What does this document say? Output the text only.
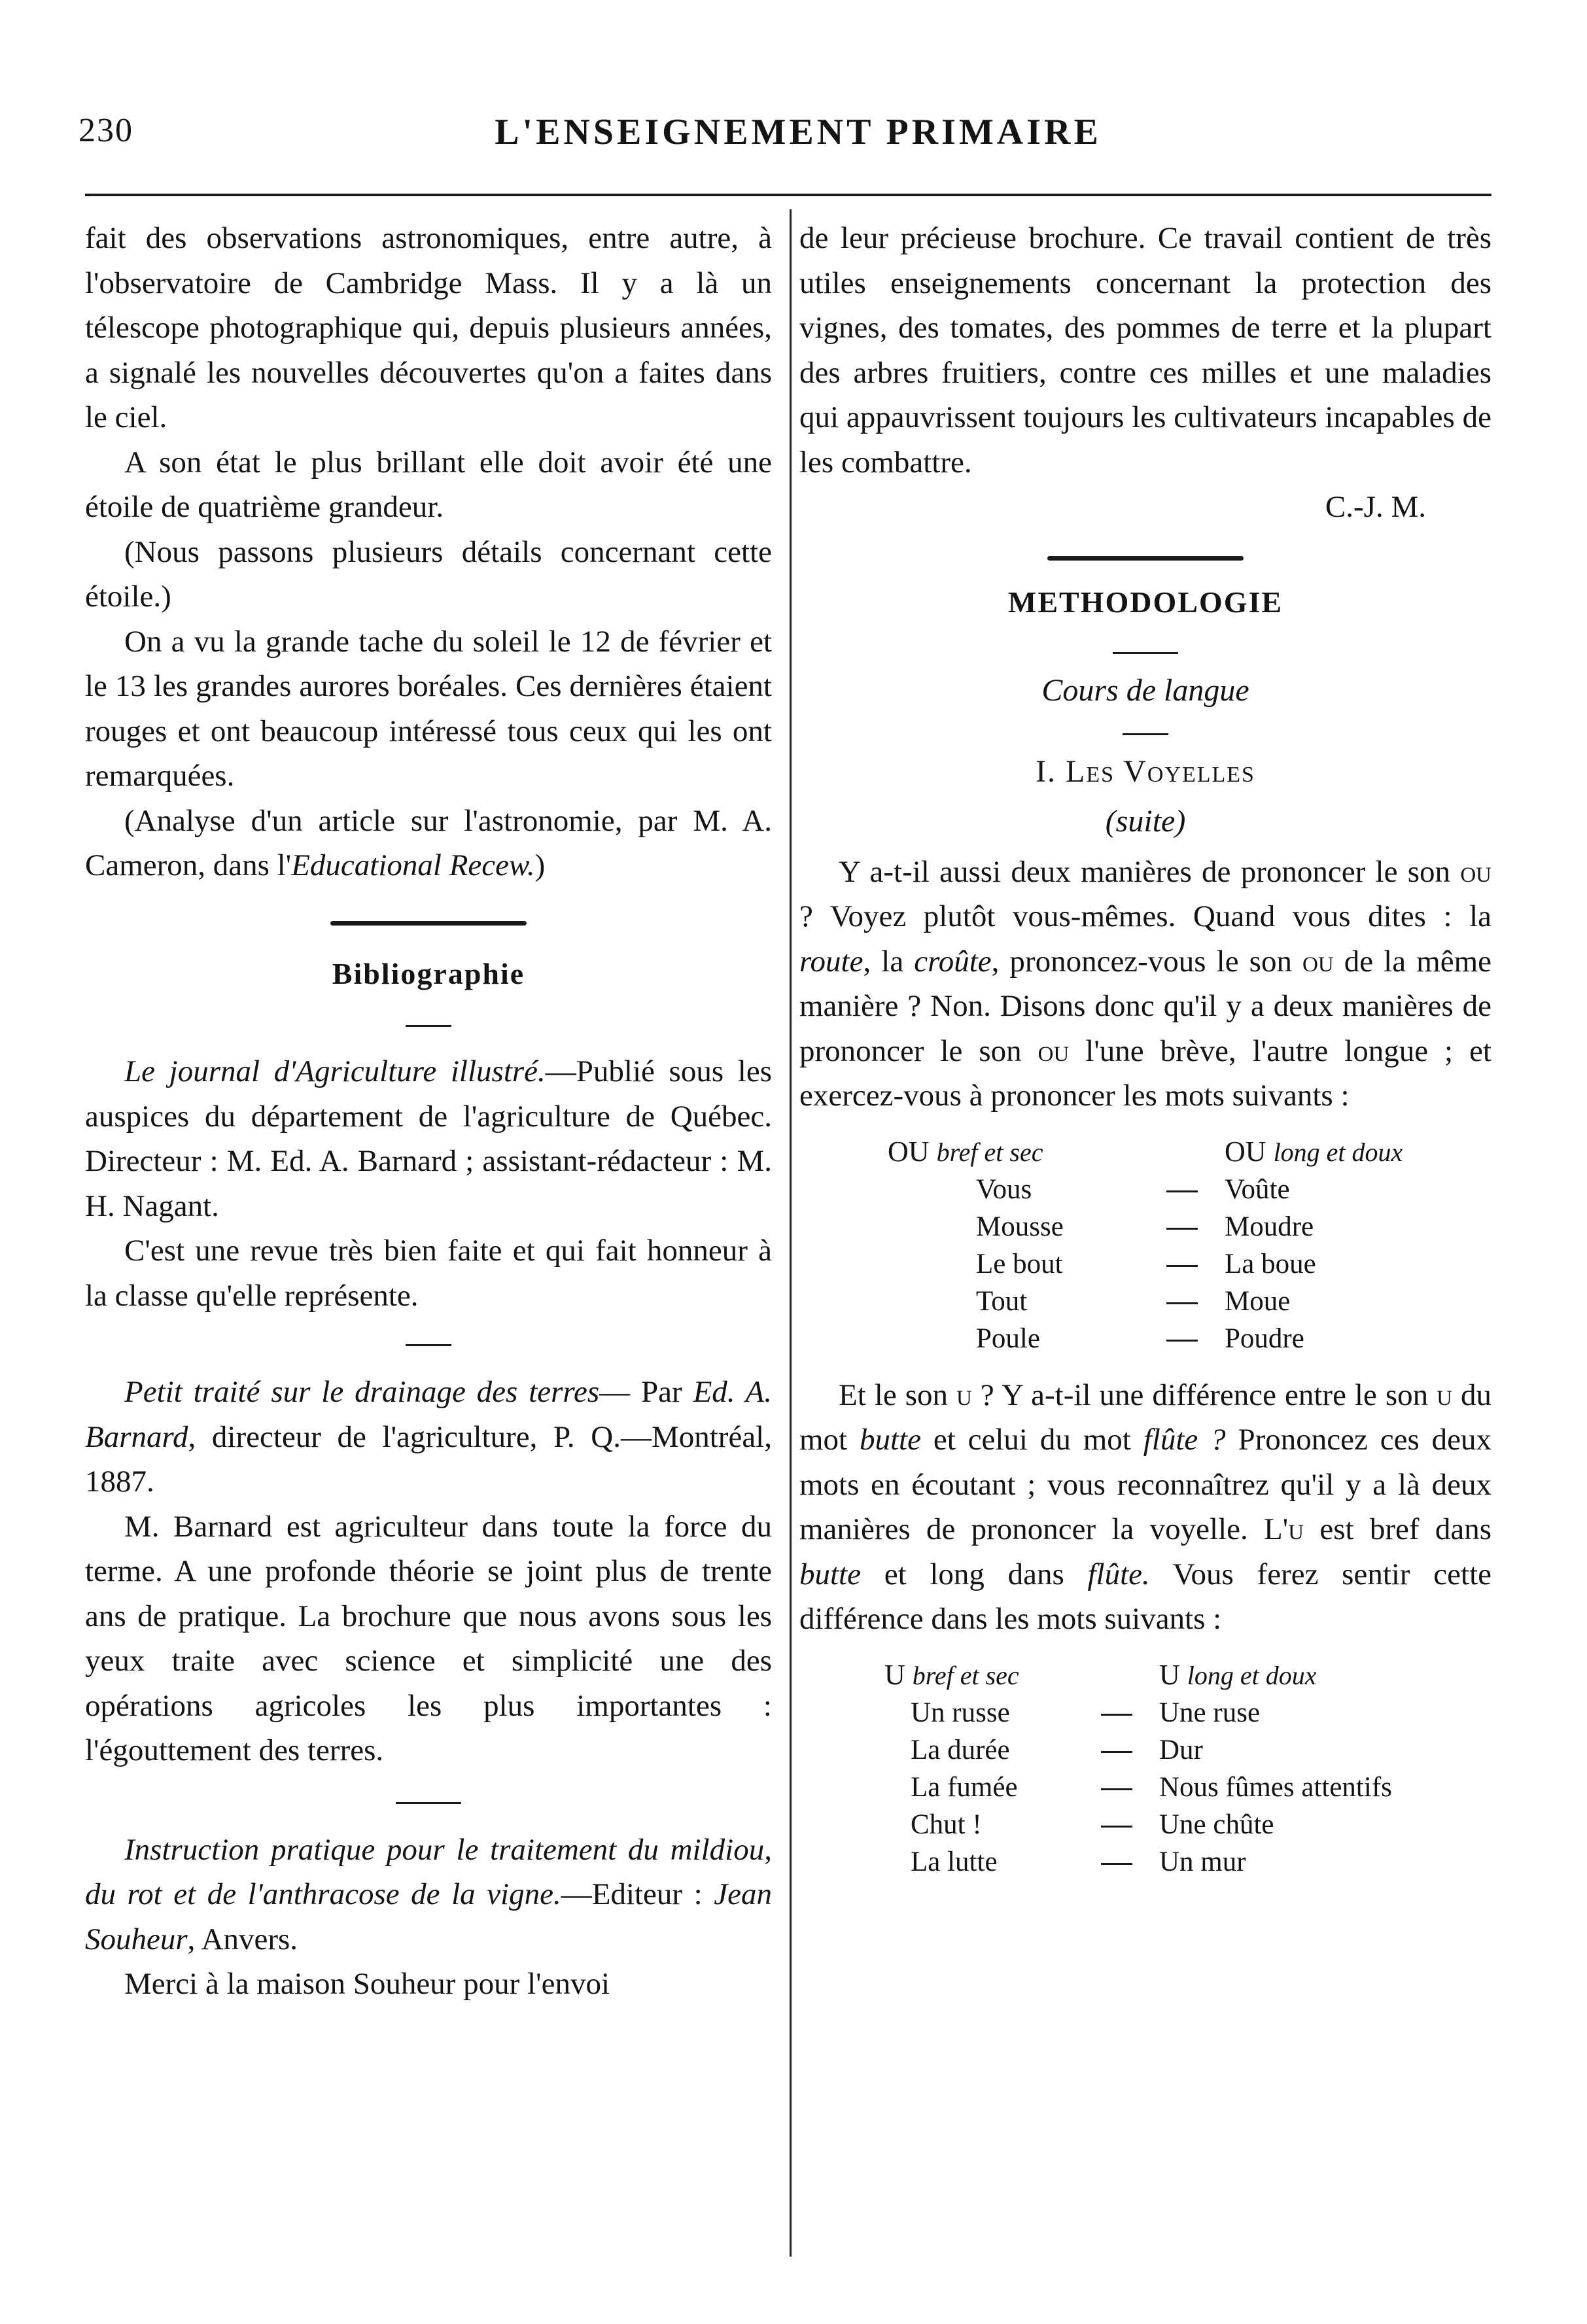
230	L'ENSEIGNEMENT PRIMAIRE

fait des observations astronomiques, entre autre, à l'observatoire de Cambridge Mass. Il y a là un télescope photographique qui, depuis plusieurs années, a signalé les nouvelles découvertes qu'on a faites dans le ciel.

A son état le plus brillant elle doit avoir été une étoile de quatrième grandeur.

(Nous passons plusieurs détails concernant cette étoile.)

On a vu la grande tache du soleil le 12 de février et le 13 les grandes aurores boréales. Ces dernières étaient rouges et ont beaucoup intéressé tous ceux qui les ont remarquées.

(Analyse d'un article sur l'astronomie, par M. A. Cameron, dans l'Educational Recew.)

Bibliographie

Le journal d'Agriculture illustré.—Publié sous les auspices du département de l'agriculture de Québec. Directeur : M. Ed. A. Barnard ; assistant-rédacteur : M. H. Nagant.

C'est une revue très bien faite et qui fait honneur à la classe qu'elle représente.

Petit traité sur le drainage des terres— Par Ed. A. Barnard, directeur de l'agriculture, P. Q.—Montréal, 1887.

M. Barnard est agriculteur dans toute la force du terme. A une profonde théorie se joint plus de trente ans de pratique. La brochure que nous avons sous les yeux traite avec science et simplicité une des opérations agricoles les plus importantes : l'égouttement des terres.

Instruction pratique pour le traitement du mildiou, du rot et de l'anthracose de la vigne.—Editeur : Jean Souheur, Anvers.

Merci à la maison Souheur pour l'envoi

de leur précieuse brochure. Ce travail contient de très utiles enseignements concernant la protection des vignes, des tomates, des pommes de terre et la plupart des arbres fruitiers, contre ces milles et une maladies qui appauvrissent toujours les cultivateurs incapables de les combattre.

C.-J. M.
METHODOLOGIE
Cours de langue
I. Les Voyelles
(suite)

Y a-t-il aussi deux manières de prononcer le son ou ? Voyez plutôt vous-mêmes. Quand vous dites : la route, la croûte, prononcez-vous le son ou de la même manière ? Non. Disons donc qu'il y a deux manières de prononcer le son ou l'une brève, l'autre longue ; et exercez-vous à prononcer les mots suivants :

OU bref et sec		OU long et doux
Vous		Voûte
Mousse		Moudre
Le bout		La boue
Tout		Moue
Poule		Poudre

Et le son u ? Y a-t-il une différence entre le son u du mot butte et celui du mot flûte ? Prononcez ces deux mots en écoutant ; vous reconnaîtrez qu'il y a là deux manières de prononcer la voyelle. L'u est bref dans butte et long dans flûte. Vous ferez sentir cette différence dans les mots suivants :

U bref et sec		U long et doux
Un russe		Une ruse
La durée		Dur
La fumée		Nous fûmes attentifs
Chut !		Une chûte
La lutte		Un mur
